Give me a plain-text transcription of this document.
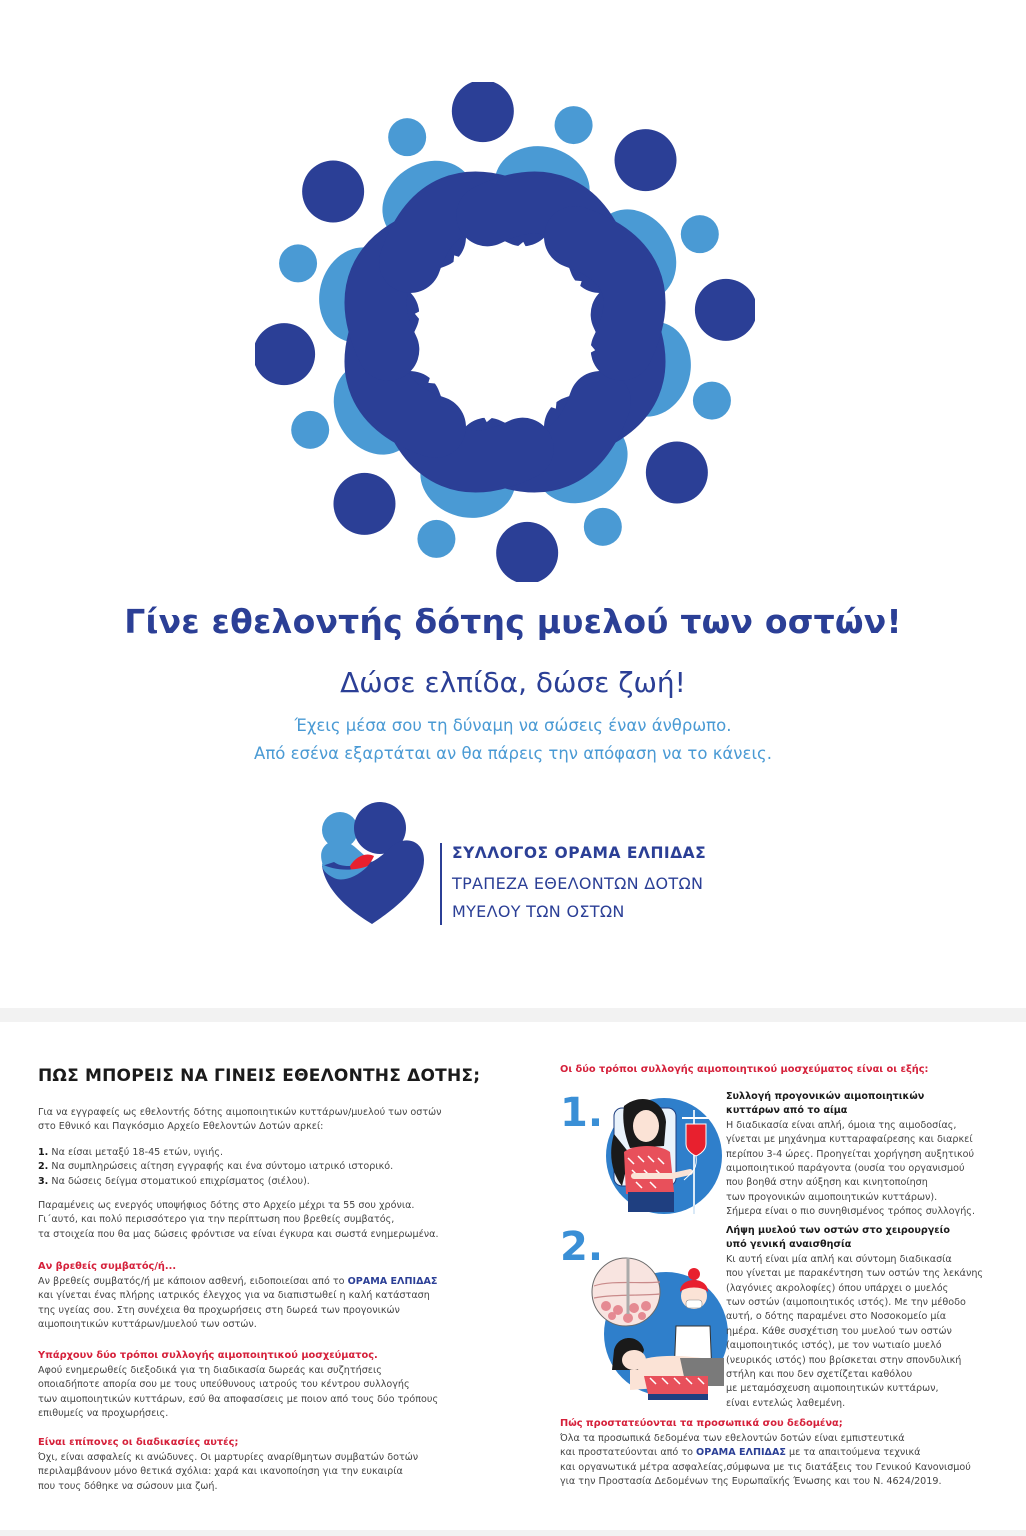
Γίνε εθελοντής δότης μυελού των οστών!
Δώσε ελπίδα, δώσε ζωή!
Έχεις μέσα σου τη δύναμη να σώσεις έναν άνθρωπο.
Από εσένα εξαρτάται αν θα πάρεις την απόφαση να το κάνεις.
ΣΥΛΛΟΓΟΣ ΟΡΑΜΑ ΕΛΠΙΔΑΣ
ΤΡΑΠΕΖΑ ΕΘΕΛΟΝΤΩΝ ΔΟΤΩΝ
ΜΥΕΛΟΥ ΤΩΝ ΟΣΤΩΝ
ΠΩΣ ΜΠΟΡΕΙΣ ΝΑ ΓΙΝΕΙΣ ΕΘΕΛΟΝΤΗΣ ΔΟΤΗΣ;
Για να εγγραφείς ως εθελοντής δότης αιμοποιητικών κυττάρων/μυελού των οστών
στο Εθνικό και Παγκόσμιο Αρχείο Εθελοντών Δοτών αρκεί:
1. Να είσαι μεταξύ 18-45 ετών, υγιής.
2. Να συμπληρώσεις αίτηση εγγραφής και ένα σύντομο ιατρικό ιστορικό.
3. Να δώσεις δείγμα στοματικού επιχρίσματος (σιέλου).
Παραμένεις ως ενεργός υποψήφιος δότης στο Αρχείο μέχρι τα 55 σου χρόνια.
Γι΄αυτό, και πολύ περισσότερο για την περίπτωση που βρεθείς συμβατός,
τα στοιχεία που θα μας δώσεις φρόντισε να είναι έγκυρα και σωστά ενημερωμένα.
Αν βρεθείς συμβατός/ή...
Αν βρεθείς συμβατός/ή με κάποιον ασθενή, ειδοποιείσαι από το ΟΡΑΜΑ ΕΛΠΙΔΑΣ
και γίνεται ένας πλήρης ιατρικός έλεγχος για να διαπιστωθεί η καλή κατάσταση
της υγείας σου. Στη συνέχεια θα προχωρήσεις στη δωρεά των προγονικών
αιμοποιητικών κυττάρων/μυελού των οστών.
Υπάρχουν δύο τρόποι συλλογής αιμοποιητικού μοσχεύματος.
Αφού ενημερωθείς διεξοδικά για τη διαδικασία δωρεάς και συζητήσεις
οποιαδήποτε απορία σου με τους υπεύθυνους ιατρούς του κέντρου συλλογής
των αιμοποιητικών κυττάρων, εσύ θα αποφασίσεις με ποιον από τους δύο τρόπους
επιθυμείς να προχωρήσεις.
Είναι επίπονες οι διαδικασίες αυτές;
Όχι, είναι ασφαλείς κι ανώδυνες. Οι μαρτυρίες αναρίθμητων συμβατών δοτών
περιλαμβάνουν μόνο θετικά σχόλια: χαρά και ικανοποίηση για την ευκαιρία
που τους δόθηκε να σώσουν μια ζωή.
Οι δύο τρόποι συλλογής αιμοποιητικού μοσχεύματος είναι οι εξής:
1.	Συλλογή προγονικών αιμοποιητικών
κυττάρων από το αίμα
Η διαδικασία είναι απλή, όμοια της αιμοδοσίας,
γίνεται με μηχάνημα κυτταραφαίρεσης και διαρκεί
περίπου 3-4 ώρες. Προηγείται χορήγηση αυξητικού
αιμοποιητικού παράγοντα (ουσία του οργανισμού
που βοηθά στην αύξηση και κινητοποίηση
των προγονικών αιμοποιητικών κυττάρων).
Σήμερα είναι ο πιο συνηθισμένος τρόπος συλλογής.
2.	Λήψη μυελού των οστών στο χειρουργείο
υπό γενική αναισθησία
Κι αυτή είναι μία απλή και σύντομη διαδικασία
που γίνεται με παρακέντηση των οστών της λεκάνης
(λαγόνιες ακρολοφίες) όπου υπάρχει ο μυελός
των οστών (αιμοποιητικός ιστός). Με την μέθοδο
αυτή, ο δότης παραμένει στο Νοσοκομείο μία
ημέρα. Κάθε συσχέτιση του μυελού των οστών
(αιμοποιητικός ιστός), με τον νωτιαίο μυελό
(νευρικός ιστός) που βρίσκεται στην σπονδυλική
στήλη και που δεν σχετίζεται καθόλου
με μεταμόσχευση αιμοποιητικών κυττάρων,
είναι εντελώς λαθεμένη.
Πώς προστατεύονται τα προσωπικά σου δεδομένα;
Όλα τα προσωπικά δεδομένα των εθελοντών δοτών είναι εμπιστευτικά
και προστατεύονται από το ΟΡΑΜΑ ΕΛΠΙΔΑΣ με τα απαιτούμενα τεχνικά
και οργανωτικά μέτρα ασφαλείας,σύμφωνα με τις διατάξεις του Γενικού Κανονισμού
για την Προστασία Δεδομένων της Ευρωπαϊκής Ένωσης και του Ν. 4624/2019.
